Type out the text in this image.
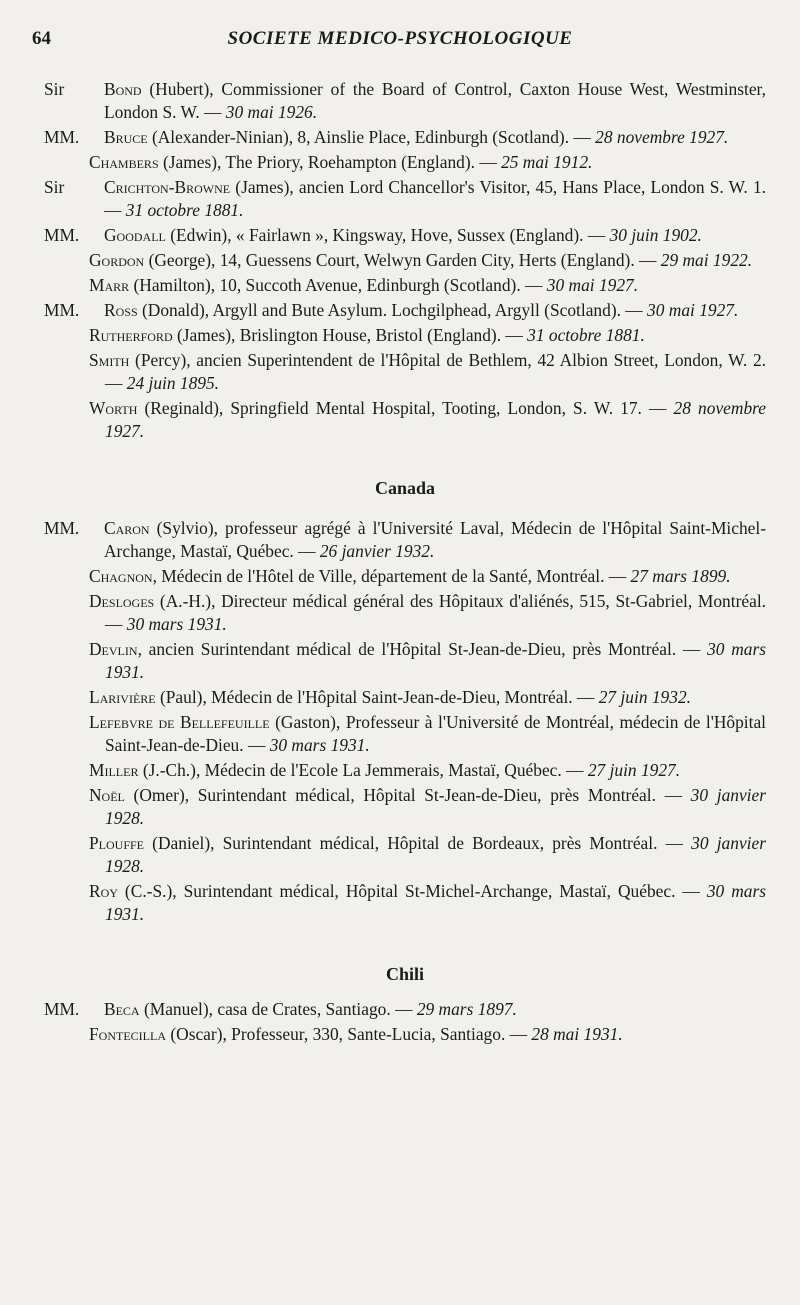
64	SOCIETE MEDICO-PSYCHOLOGIQUE
Sir Bond (Hubert), Commissioner of the Board of Control, Caxton House West, Westminster, London S. W. — 30 mai 1926.
MM. Bruce (Alexander-Ninian), 8, Ainslie Place, Edinburgh (Scotland). — 28 novembre 1927.
Chambers (James), The Priory, Roehampton (England). — 25 mai 1912.
Sir Crichton-Browne (James), ancien Lord Chancellor's Visitor, 45, Hans Place, London S. W. 1. — 31 octobre 1881.
MM. Goodall (Edwin), « Fairlawn », Kingsway, Hove, Sussex (England). — 30 juin 1902.
Gordon (George), 14, Guessens Court, Welwyn Garden City, Herts (England). — 29 mai 1922.
Marr (Hamilton), 10, Succoth Avenue, Edinburgh (Scotland). — 30 mai 1927.
MM. Ross (Donald), Argyll and Bute Asylum. Lochgilphead, Argyll (Scotland). — 30 mai 1927.
Rutherford (James), Brislington House, Bristol (England). — 31 octobre 1881.
Smith (Percy), ancien Superintendent de l'Hôpital de Bethlem, 42 Albion Street, London, W. 2. — 24 juin 1895.
Worth (Reginald), Springfield Mental Hospital, Tooting, London, S. W. 17. — 28 novembre 1927.
Canada
MM. Caron (Sylvio), professeur agrégé à l'Université Laval, Médecin de l'Hôpital Saint-Michel-Archange, Mastaï, Québec. — 26 janvier 1932.
Chagnon, Médecin de l'Hôtel de Ville, département de la Santé, Montréal. — 27 mars 1899.
Desloges (A.-H.), Directeur médical général des Hôpitaux d'aliénés, 515, St-Gabriel, Montréal. — 30 mars 1931.
Devlin, ancien Surintendant médical de l'Hôpital St-Jean-de-Dieu, près Montréal. — 30 mars 1931.
Larivière (Paul), Médecin de l'Hôpital Saint-Jean-de-Dieu, Montréal. — 27 juin 1932.
Lefebvre de Bellefeuille (Gaston), Professeur à l'Université de Montréal, médecin de l'Hôpital Saint-Jean-de-Dieu. — 30 mars 1931.
Miller (J.-Ch.), Médecin de l'Ecole La Jemmerais, Mastaï, Québec. — 27 juin 1927.
Noël (Omer), Surintendant médical, Hôpital St-Jean-de-Dieu, près Montréal. — 30 janvier 1928.
Plouffe (Daniel), Surintendant médical, Hôpital de Bordeaux, près Montréal. — 30 janvier 1928.
Roy (C.-S.), Surintendant médical, Hôpital St-Michel-Archange, Mastaï, Québec. — 30 mars 1931.
Chili
MM. Beca (Manuel), casa de Crates, Santiago. — 29 mars 1897.
Fontecilla (Oscar), Professeur, 330, Sante-Lucia, Santiago. — 28 mai 1931.
